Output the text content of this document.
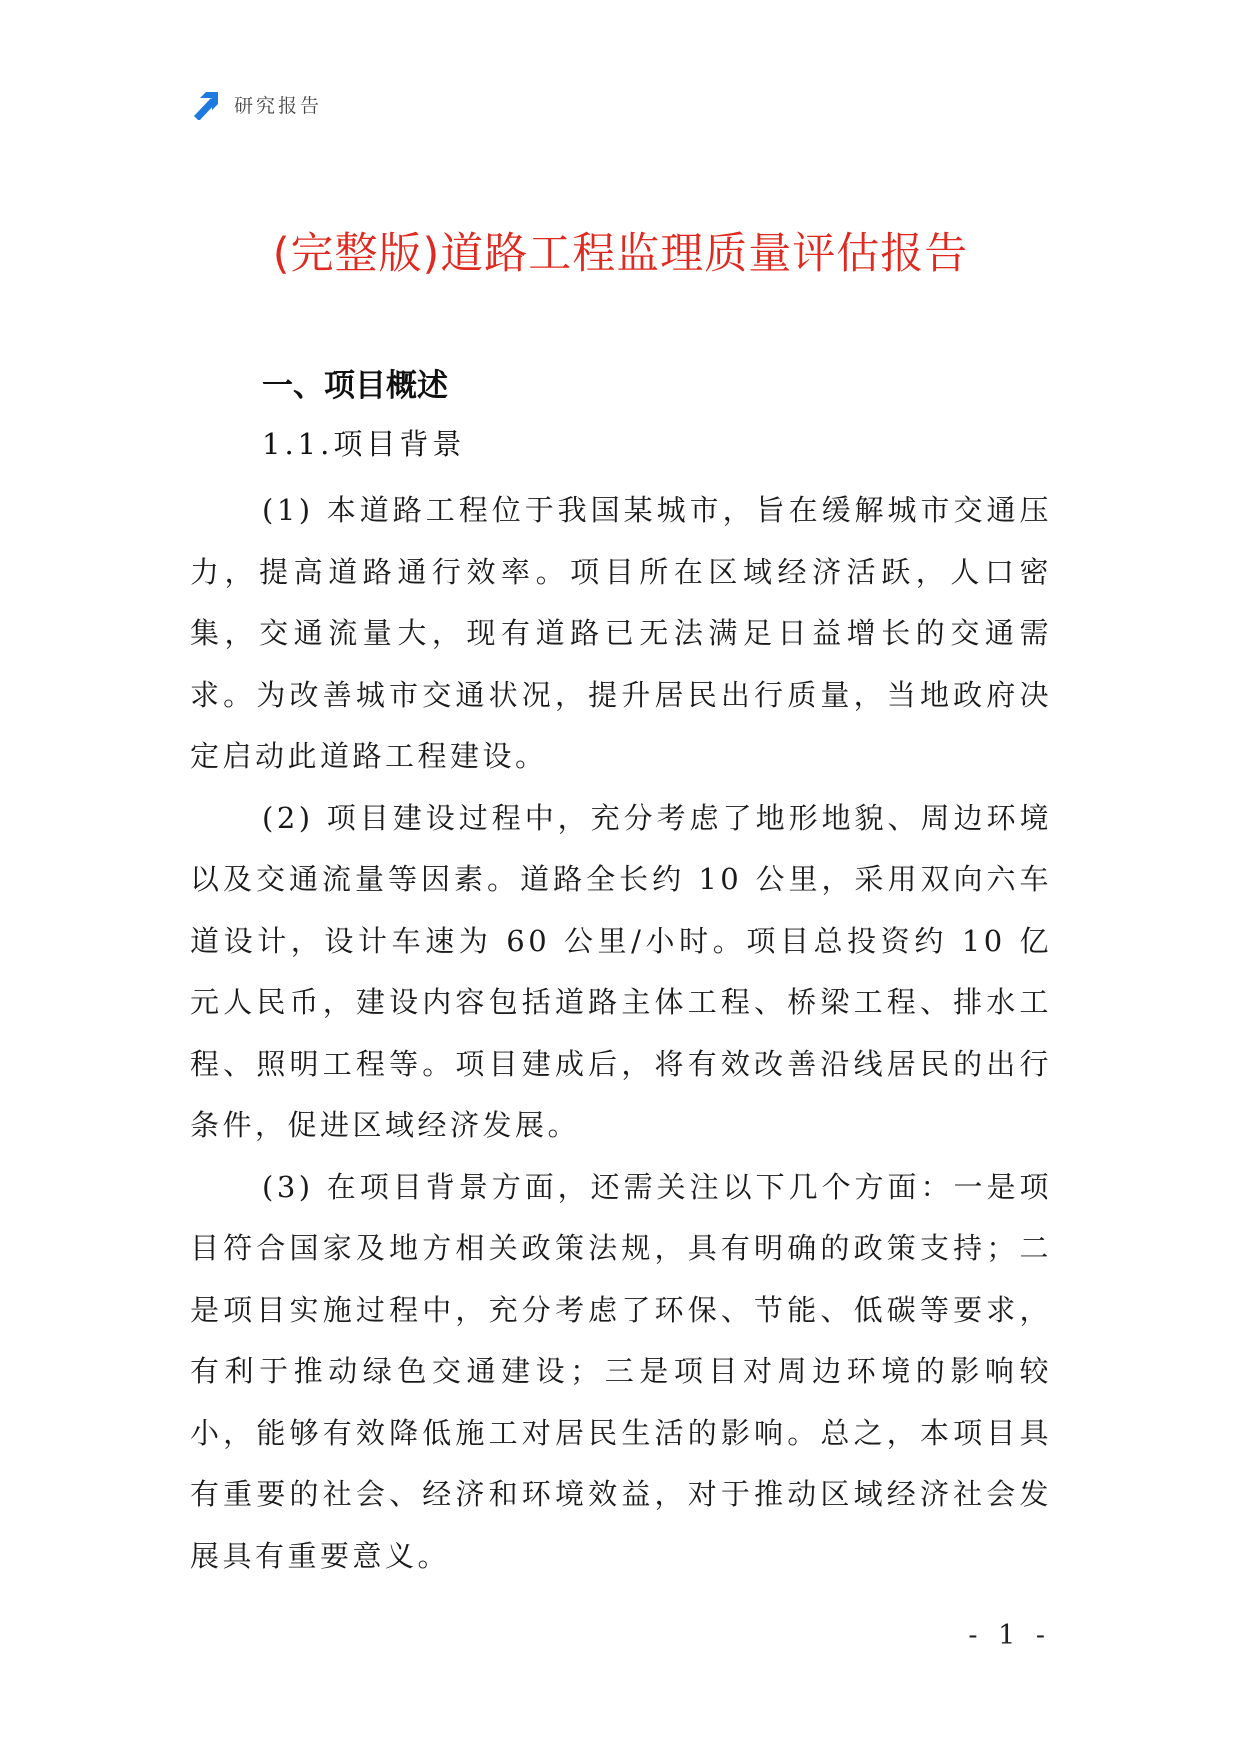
研究报告
(完整版)道路工程监理质量评估报告
一、项目概述
1.1.项目背景

(1) 本道路工程位于我国某城市，旨在缓解城市交通压力，提高道路通行效率。项目所在区域经济活跃，人口密集，交通流量大，现有道路已无法满足日益增长的交通需求。为改善城市交通状况，提升居民出行质量，当地政府决定启动此道路工程建设。

(2) 项目建设过程中，充分考虑了地形地貌、周边环境以及交通流量等因素。道路全长约 10 公里，采用双向六车道设计，设计车速为 60 公里/小时。项目总投资约 10 亿元人民币，建设内容包括道路主体工程、桥梁工程、排水工程、照明工程等。项目建成后，将有效改善沿线居民的出行条件，促进区域经济发展。

(3) 在项目背景方面，还需关注以下几个方面：一是项目符合国家及地方相关政策法规，具有明确的政策支持；二是项目实施过程中，充分考虑了环保、节能、低碳等要求，有利于推动绿色交通建设；三是项目对周边环境的影响较小，能够有效降低施工对居民生活的影响。总之，本项目具有重要的社会、经济和环境效益，对于推动区域经济社会发展具有重要意义。

- 1 -
